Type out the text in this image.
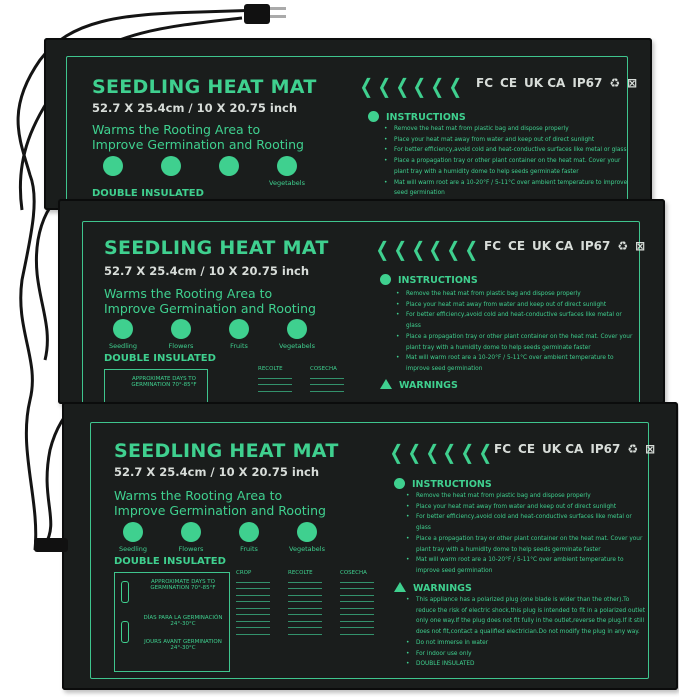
SEEDLING HEAT MAT
52.7 X 25.4cm / 10 X 20.75 inch
Warms the Rooting Area to Improve Germination and Rooting
Vegetabels
DOUBLE INSULATED
❮ ❮ ❮ ❮ ❮ ❮ FC CE UK CA IP67 ♻ ⊠
INSTRUCTIONS
• Remove the heat mat from plastic bag and dispose properly
• Place your heat mat away from water and keep out of direct sunlight
• For better efficiency,avoid cold and heat-conductive surfaces like metal or glass
• Place a propagation tray or other plant container on the heat mat. Cover your plant tray with a humidity dome to help seeds germinate faster
• Mat will warm root are a 10-20°F / 5-11°C over ambient temperature to improve seed germination
SEEDLING HEAT MAT
52.7 X 25.4cm / 10 X 20.75 inch
Warms the Rooting Area to Improve Germination and Rooting
Seedling	Flowers	Fruits	Vegetabels
DOUBLE INSULATED
APPROXIMATE DAYS TO GERMINATION 70°-85°F
RECOLTE	COSECHA
❮ ❮ ❮ ❮ ❮ ❮ FC CE UK CA IP67 ♻ ⊠
INSTRUCTIONS
• Remove the heat mat from plastic bag and dispose properly
• Place your heat mat away from water and keep out of direct sunlight
• For better efficiency,avoid cold and heat-conductive surfaces like metal or glass
• Place a propagation tray or other plant container on the heat mat. Cover your plant tray with a humidity dome to help seeds germinate faster
• Mat will warm root are a 10-20°F / 5-11°C over ambient temperature to improve seed germination
WARNINGS
SEEDLING HEAT MAT
52.7 X 25.4cm / 10 X 20.75 inch
Warms the Rooting Area to Improve Germination and Rooting
Seedling	Flowers	Fruits	Vegetabels
DOUBLE INSULATED
APPROXIMATE DAYS TO GERMINATION 70°-85°F
DÍAS PARA LA GERMINACIÓN 24°-30°C
JOURS AVANT GERMINATION 24°-30°C
CROP	RECOLTE	COSECHA
❮ ❮ ❮ ❮ ❮ ❮ FC CE UK CA IP67 ♻ ⊠
INSTRUCTIONS
• Remove the heat mat from plastic bag and dispose properly
• Place your heat mat away from water and keep out of direct sunlight
• For better efficiency,avoid cold and heat-conductive surfaces like metal or glass
• Place a propagation tray or other plant container on the heat mat. Cover your plant tray with a humidity dome to help seeds germinate faster
• Mat will warm root are a 10-20°F / 5-11°C over ambient temperature to improve seed germination
WARNINGS
• This appliance has a polarized plug (one blade is wider than the other).To reduce the risk of electric shock,this plug is intended to fit in a polarized outlet only one way.If the plug does not fit fully in the outlet,reverse the plug.If it still does not fit,contact a qualified electrician.Do not modify the plug in any way.
• Do not immerse in water
• For indoor use only
• DOUBLE INSULATED
